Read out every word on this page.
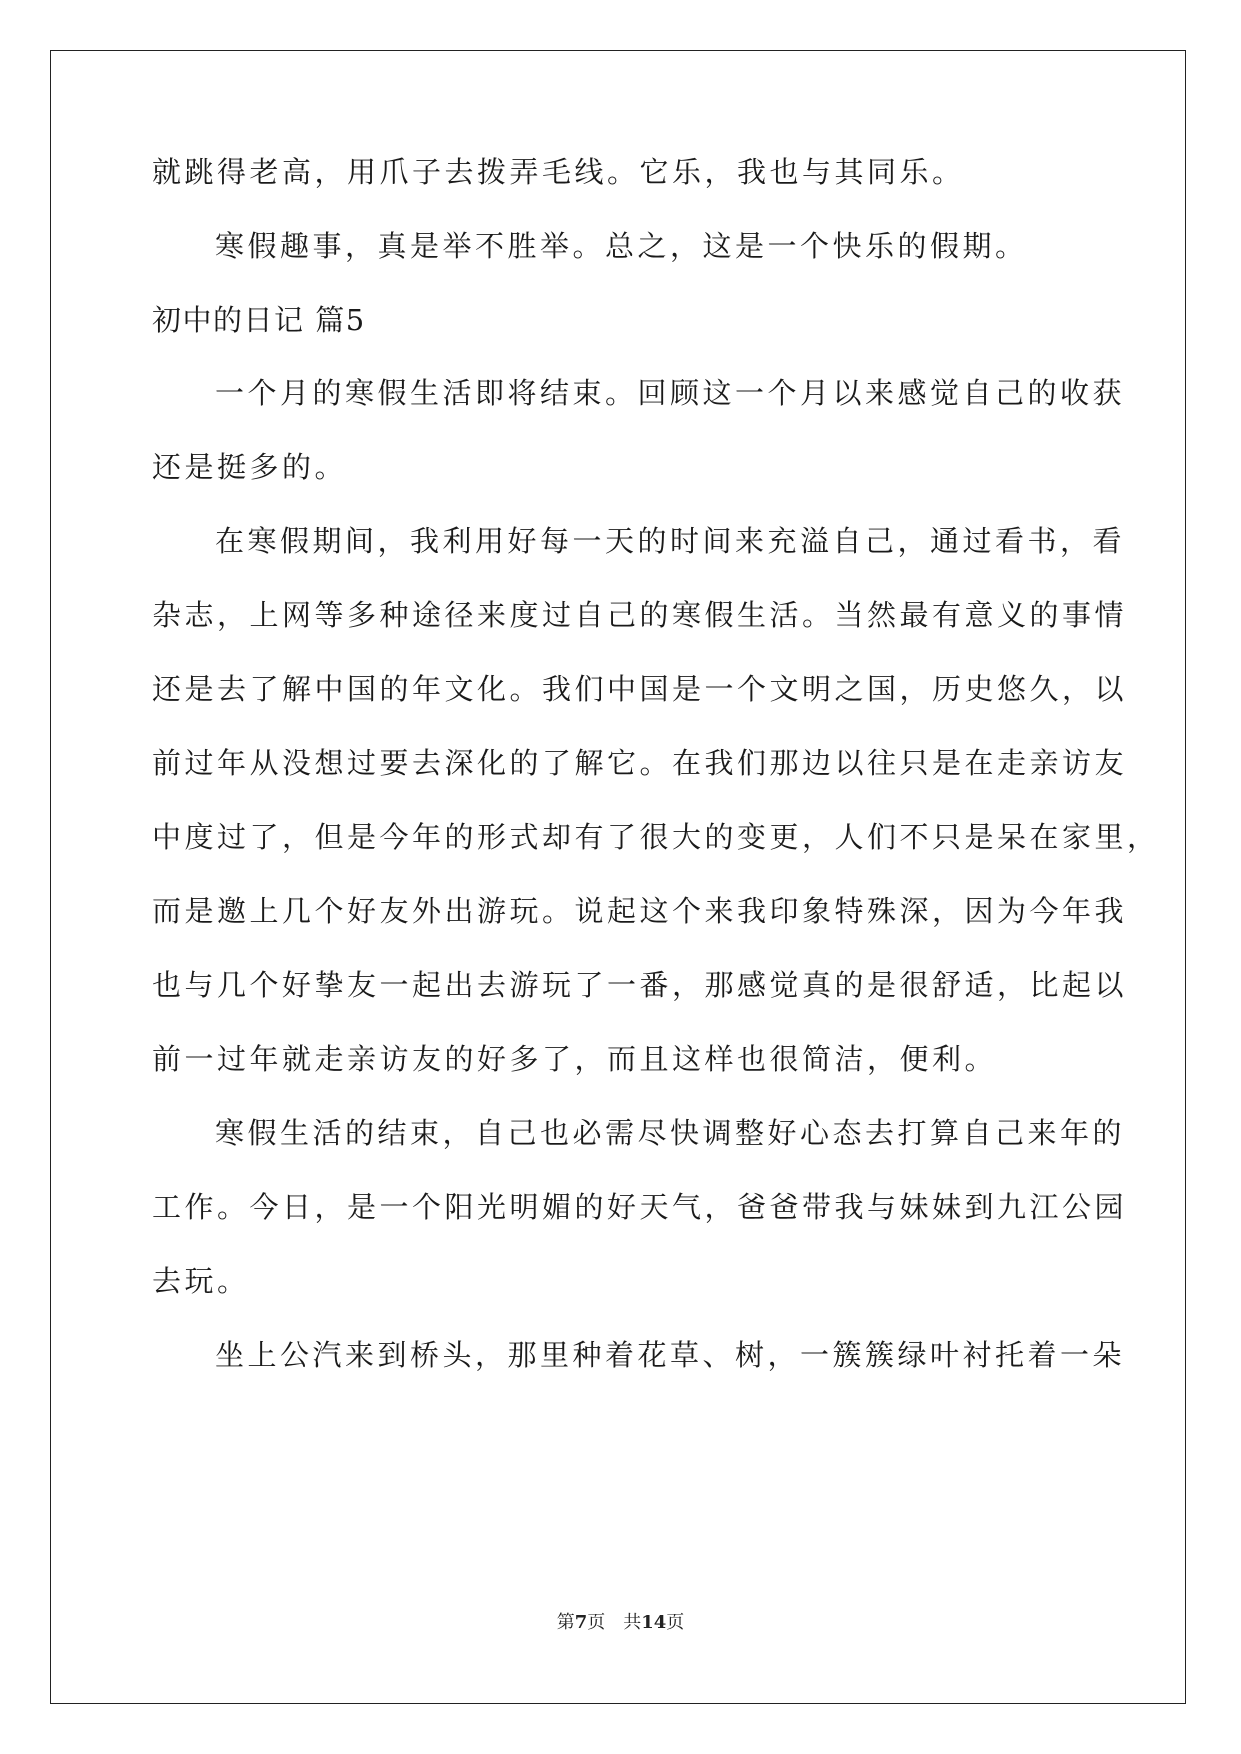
就跳得老高，用爪子去拨弄毛线。它乐，我也与其同乐。
寒假趣事，真是举不胜举。总之，这是一个快乐的假期。
初中的日记 篇5
一个月的寒假生活即将结束。回顾这一个月以来感觉自己的收获
还是挺多的。
在寒假期间，我利用好每一天的时间来充溢自己，通过看书，看
杂志，上网等多种途径来度过自己的寒假生活。当然最有意义的事情
还是去了解中国的年文化。我们中国是一个文明之国，历史悠久，以
前过年从没想过要去深化的了解它。在我们那边以往只是在走亲访友
中度过了，但是今年的形式却有了很大的变更，人们不只是呆在家里，
而是邀上几个好友外出游玩。说起这个来我印象特殊深，因为今年我
也与几个好挚友一起出去游玩了一番，那感觉真的是很舒适，比起以
前一过年就走亲访友的好多了，而且这样也很简洁，便利。
寒假生活的结束，自己也必需尽快调整好心态去打算自己来年的
工作。今日，是一个阳光明媚的好天气，爸爸带我与妹妹到九江公园
去玩。
坐上公汽来到桥头，那里种着花草、树，一簇簇绿叶衬托着一朵
第7页 共14页
